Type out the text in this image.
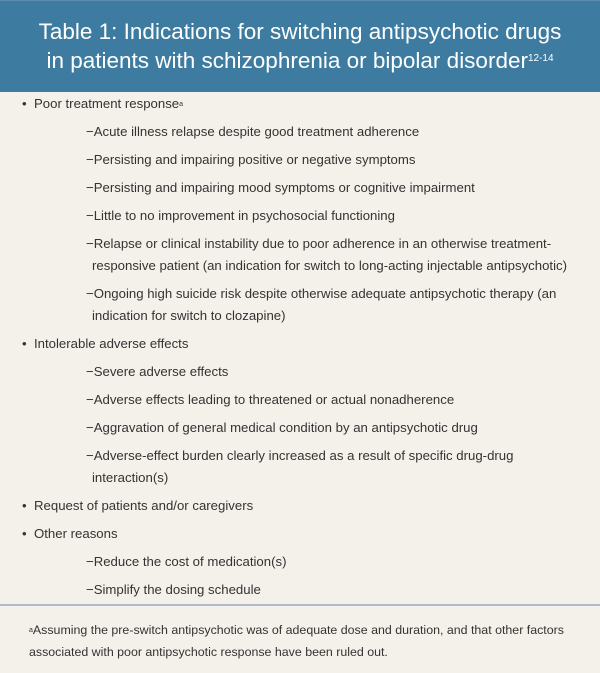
Table 1: Indications for switching antipsychotic drugs
in patients with schizophrenia or bipolar disorder$^{12-14}$
• Poor treatment response$^a$
−Acute illness relapse despite good treatment adherence
−Persisting and impairing positive or negative symptoms
−Persisting and impairing mood symptoms or cognitive impairment
−Little to no improvement in psychosocial functioning
−Relapse or clinical instability due to poor adherence in an otherwise treatment-responsive patient (an indication for switch to long-acting injectable antipsychotic)
−Ongoing high suicide risk despite otherwise adequate antipsychotic therapy (an indication for switch to clozapine)
• Intolerable adverse effects
−Severe adverse effects
−Adverse effects leading to threatened or actual nonadherence
−Aggravation of general medical condition by an antipsychotic drug
−Adverse-effect burden clearly increased as a result of specific drug-drug interaction(s)
• Request of patients and/or caregivers
• Other reasons
−Reduce the cost of medication(s)
−Simplify the dosing schedule
$^a$Assuming the pre-switch antipsychotic was of adequate dose and duration, and that other factors associated with poor antipsychotic response have been ruled out.
